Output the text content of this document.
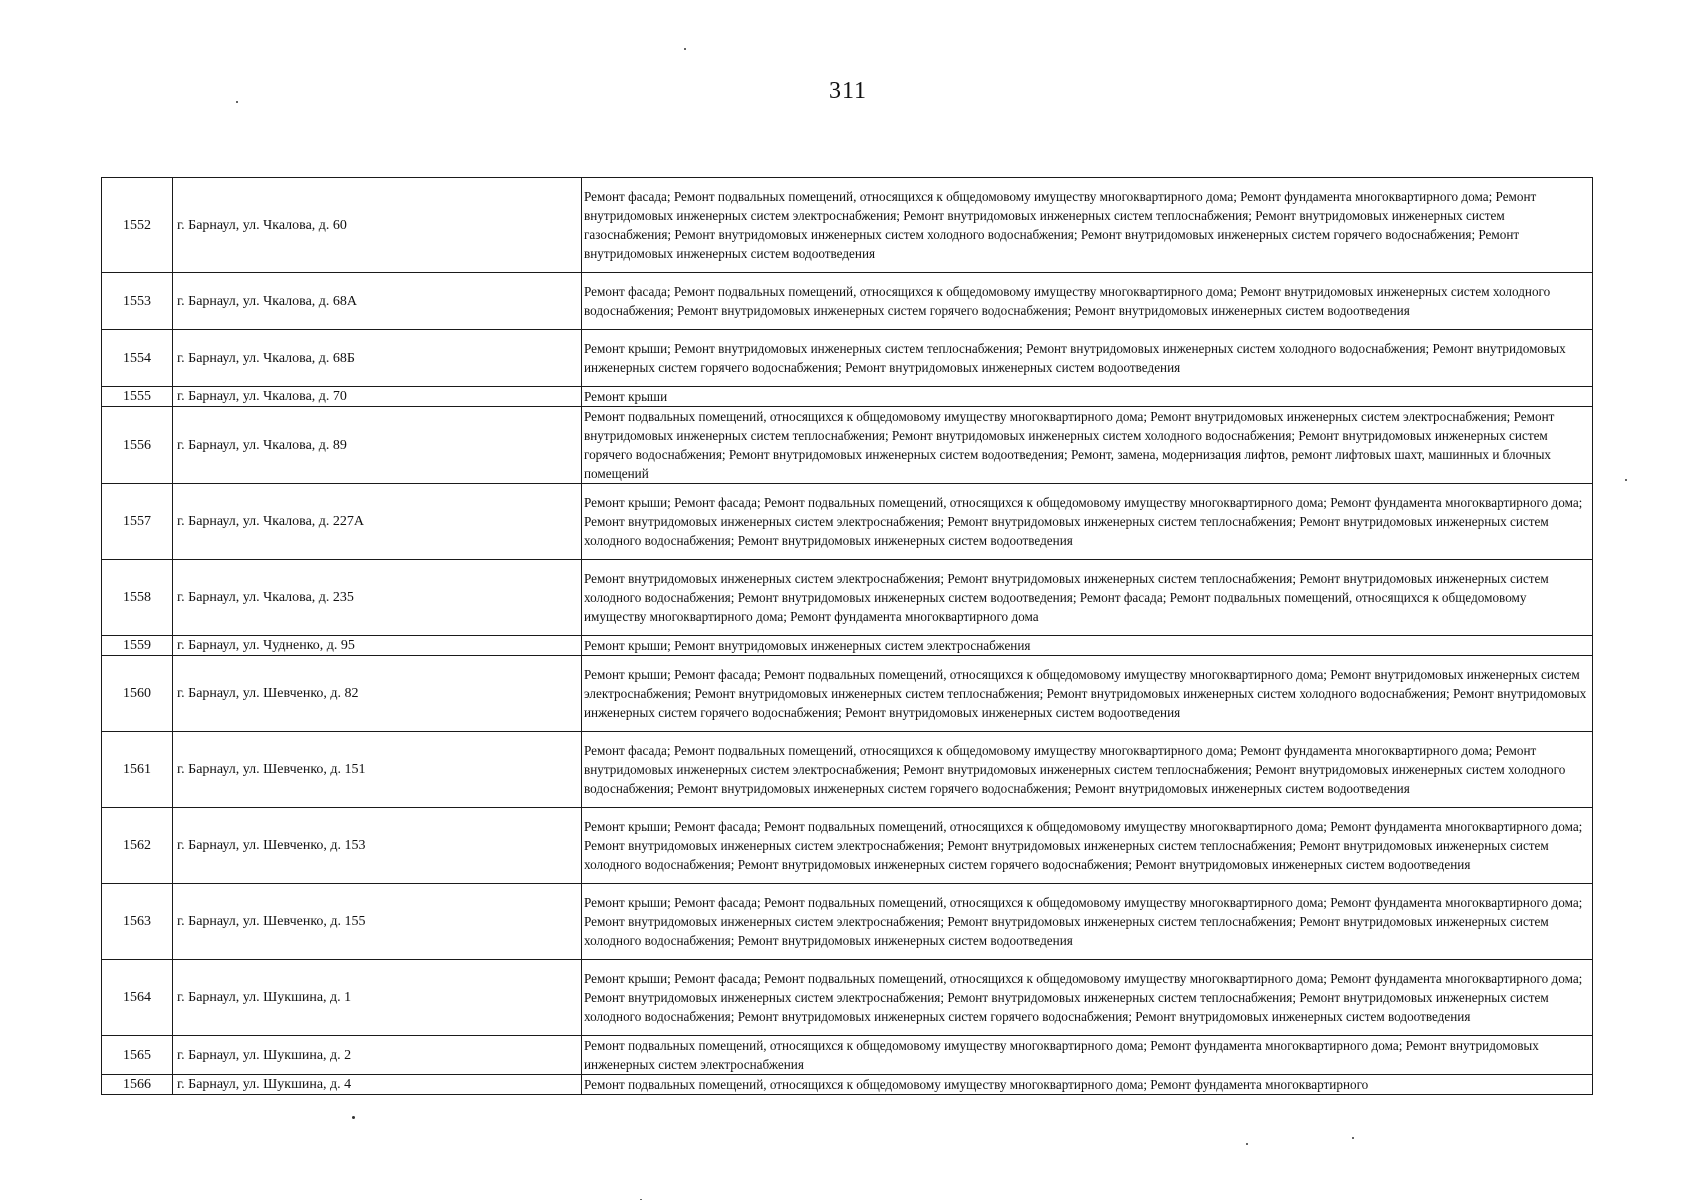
311
1552	г. Барнаул, ул. Чкалова, д. 60	Ремонт фасада; Ремонт подвальных помещений, относящихся к общедомовому имуществу многоквартирного дома; Ремонт фундамента многоквартирного дома; Ремонт внутридомовых инженерных систем электроснабжения; Ремонт внутридомовых инженерных систем теплоснабжения; Ремонт внутридомовых инженерных систем газоснабжения; Ремонт внутридомовых инженерных систем холодного водоснабжения; Ремонт внутридомовых инженерных систем горячего водоснабжения; Ремонт внутридомовых инженерных систем водоотведения
1553	г. Барнаул, ул. Чкалова, д. 68А	Ремонт фасада; Ремонт подвальных помещений, относящихся к общедомовому имуществу многоквартирного дома; Ремонт внутридомовых инженерных систем холодного водоснабжения; Ремонт внутридомовых инженерных систем горячего водоснабжения; Ремонт внутридомовых инженерных систем водоотведения
1554	г. Барнаул, ул. Чкалова, д. 68Б	Ремонт крыши; Ремонт внутридомовых инженерных систем теплоснабжения; Ремонт внутридомовых инженерных систем холодного водоснабжения; Ремонт внутридомовых инженерных систем горячего водоснабжения; Ремонт внутридомовых инженерных систем водоотведения
1555	г. Барнаул, ул. Чкалова, д. 70	Ремонт крыши
1556	г. Барнаул, ул. Чкалова, д. 89	Ремонт подвальных помещений, относящихся к общедомовому имуществу многоквартирного дома; Ремонт внутридомовых инженерных систем электроснабжения; Ремонт внутридомовых инженерных систем теплоснабжения; Ремонт внутридомовых инженерных систем холодного водоснабжения; Ремонт внутридомовых инженерных систем горячего водоснабжения; Ремонт внутридомовых инженерных систем водоотведения; Ремонт, замена, модернизация лифтов, ремонт лифтовых шахт, машинных и блочных помещений
1557	г. Барнаул, ул. Чкалова, д. 227А	Ремонт крыши; Ремонт фасада; Ремонт подвальных помещений, относящихся к общедомовому имуществу многоквартирного дома; Ремонт фундамента многоквартирного дома; Ремонт внутридомовых инженерных систем электроснабжения; Ремонт внутридомовых инженерных систем теплоснабжения; Ремонт внутридомовых инженерных систем холодного водоснабжения; Ремонт внутридомовых инженерных систем водоотведения
1558	г. Барнаул, ул. Чкалова, д. 235	Ремонт внутридомовых инженерных систем электроснабжения; Ремонт внутридомовых инженерных систем теплоснабжения; Ремонт внутридомовых инженерных систем холодного водоснабжения; Ремонт внутридомовых инженерных систем водоотведения; Ремонт фасада; Ремонт подвальных помещений, относящихся к общедомовому имуществу многоквартирного дома; Ремонт фундамента многоквартирного дома
1559	г. Барнаул, ул. Чудненко, д. 95	Ремонт крыши; Ремонт внутридомовых инженерных систем электроснабжения
1560	г. Барнаул, ул. Шевченко, д. 82	Ремонт крыши; Ремонт фасада; Ремонт подвальных помещений, относящихся к общедомовому имуществу многоквартирного дома; Ремонт внутридомовых инженерных систем электроснабжения; Ремонт внутридомовых инженерных систем теплоснабжения; Ремонт внутридомовых инженерных систем холодного водоснабжения; Ремонт внутридомовых инженерных систем горячего водоснабжения; Ремонт внутридомовых инженерных систем водоотведения
1561	г. Барнаул, ул. Шевченко, д. 151	Ремонт фасада; Ремонт подвальных помещений, относящихся к общедомовому имуществу многоквартирного дома; Ремонт фундамента многоквартирного дома; Ремонт внутридомовых инженерных систем электроснабжения; Ремонт внутридомовых инженерных систем теплоснабжения; Ремонт внутридомовых инженерных систем холодного водоснабжения; Ремонт внутридомовых инженерных систем горячего водоснабжения; Ремонт внутридомовых инженерных систем водоотведения
1562	г. Барнаул, ул. Шевченко, д. 153	Ремонт крыши; Ремонт фасада; Ремонт подвальных помещений, относящихся к общедомовому имуществу многоквартирного дома; Ремонт фундамента многоквартирного дома; Ремонт внутридомовых инженерных систем электроснабжения; Ремонт внутридомовых инженерных систем теплоснабжения; Ремонт внутридомовых инженерных систем холодного водоснабжения; Ремонт внутридомовых инженерных систем горячего водоснабжения; Ремонт внутридомовых инженерных систем водоотведения
1563	г. Барнаул, ул. Шевченко, д. 155	Ремонт крыши; Ремонт фасада; Ремонт подвальных помещений, относящихся к общедомовому имуществу многоквартирного дома; Ремонт фундамента многоквартирного дома; Ремонт внутридомовых инженерных систем электроснабжения; Ремонт внутридомовых инженерных систем теплоснабжения; Ремонт внутридомовых инженерных систем холодного водоснабжения; Ремонт внутридомовых инженерных систем водоотведения
1564	г. Барнаул, ул. Шукшина, д. 1	Ремонт крыши; Ремонт фасада; Ремонт подвальных помещений, относящихся к общедомовому имуществу многоквартирного дома; Ремонт фундамента многоквартирного дома; Ремонт внутридомовых инженерных систем электроснабжения; Ремонт внутридомовых инженерных систем теплоснабжения; Ремонт внутридомовых инженерных систем холодного водоснабжения; Ремонт внутридомовых инженерных систем горячего водоснабжения; Ремонт внутридомовых инженерных систем водоотведения
1565	г. Барнаул, ул. Шукшина, д. 2	Ремонт подвальных помещений, относящихся к общедомовому имуществу многоквартирного дома; Ремонт фундамента многоквартирного дома; Ремонт внутридомовых инженерных систем электроснабжения
1566	г. Барнаул, ул. Шукшина, д. 4	Ремонт подвальных помещений, относящихся к общедомовому имуществу многоквартирного дома; Ремонт фундамента многоквартирного
